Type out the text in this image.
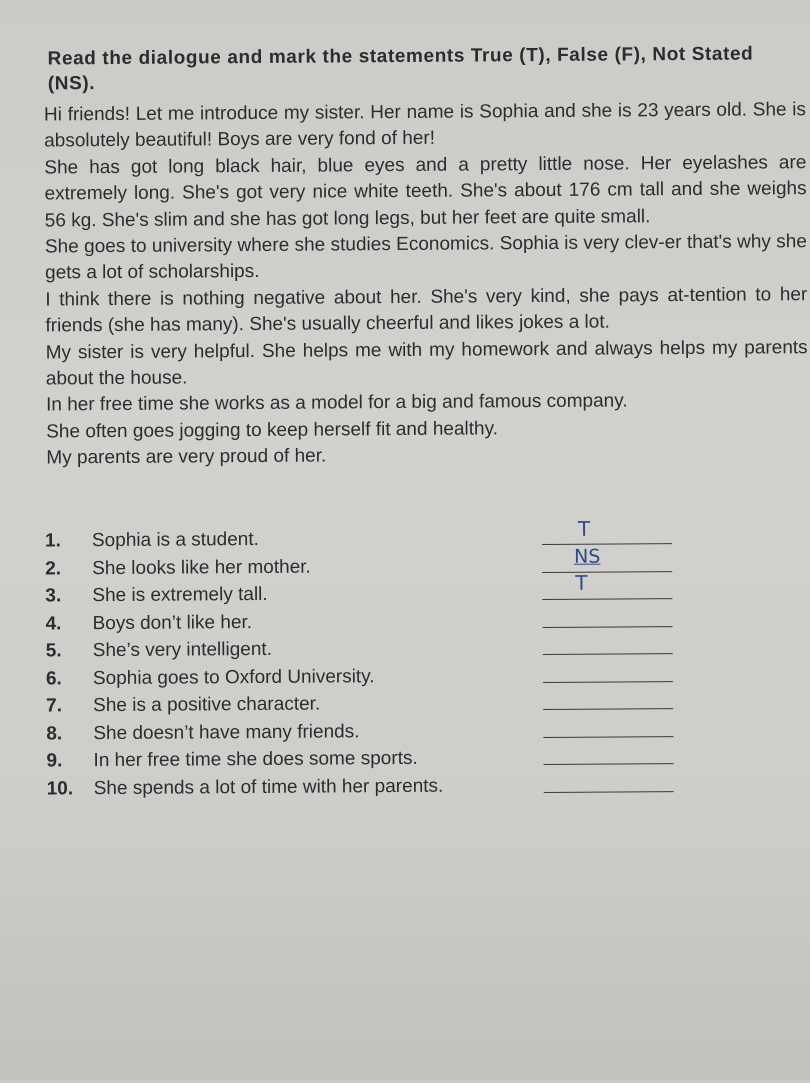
Read the dialogue and mark the statements True (T), False (F), Not Stated (NS).

Hi friends! Let me introduce my sister. Her name is Sophia and she is 23 years old. She is absolutely beautiful! Boys are very fond of her!

She has got long black hair, blue eyes and a pretty little nose. Her eyelashes are extremely long. She's got very nice white teeth. She's about 176 cm tall and she weighs 56 kg. She's slim and she has got long legs, but her feet are quite small.

She goes to university where she studies Economics. Sophia is very clev-er that's why she gets a lot of scholarships.

I think there is nothing negative about her. She's very kind, she pays at-tention to her friends (she has many). She's usually cheerful and likes jokes a lot.

My sister is very helpful. She helps me with my homework and always helps my parents about the house.

In her free time she works as a model for a big and famous company.

She often goes jogging to keep herself fit and healthy.

My parents are very proud of her.

1. Sophia is a student.	T
2. She looks like her mother.	NS
3. She is extremely tall.
T
4. Boys don’t like her.
5. She’s very intelligent.
6. Sophia goes to Oxford University.
7. She is a positive character.
8. She doesn’t have many friends.
9. In her free time she does some sports.
10. She spends a lot of time with her parents.
